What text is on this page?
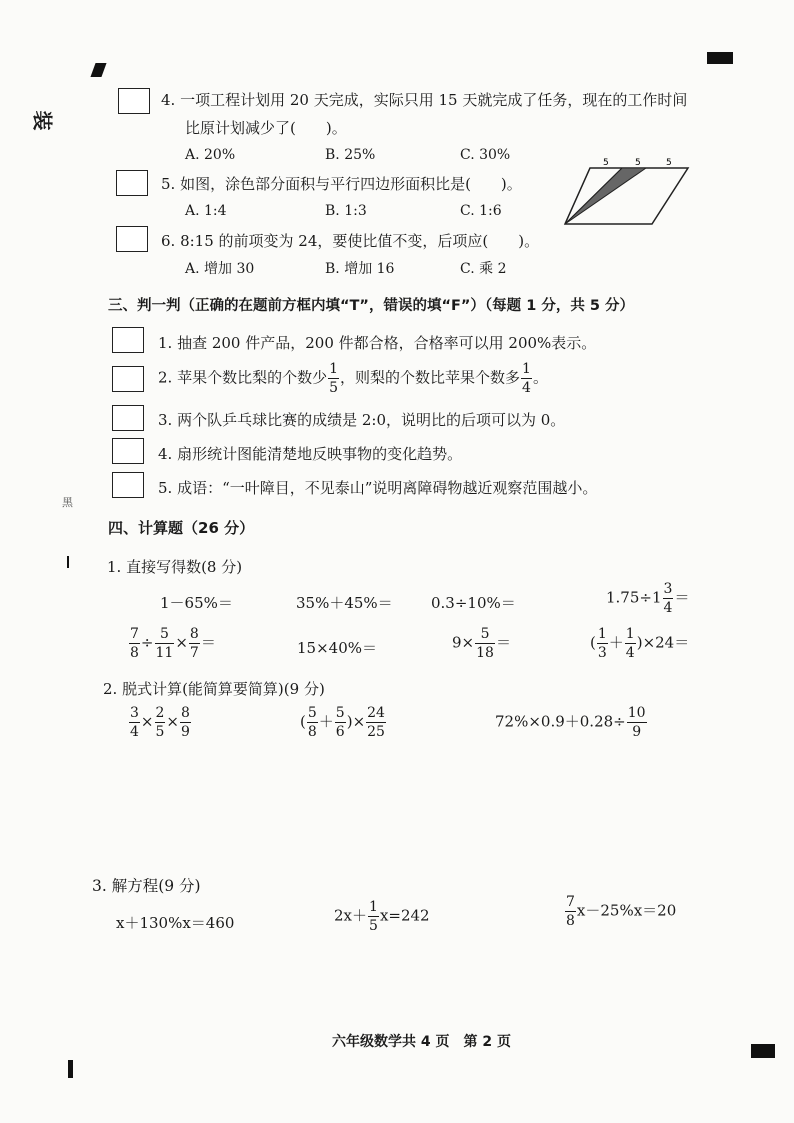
装
黑
4. 一项工程计划用 20 天完成，实际只用 15 天就完成了任务，现在的工作时间
比原计划减少了(　　)。
A. 20%	B. 25%	C. 30%
5. 如图，涂色部分面积与平行四边形面积比是(　　)。
A. 1:4	B. 1:3	C. 1:6
5	5	5
6. 8:15 的前项变为 24，要使比值不变，后项应(　　)。
A. 增加 30	B. 增加 16	C. 乘 2
三、判一判（正确的在题前方框内填“T”，错误的填“F”）（每题 1 分，共 5 分）
1. 抽查 200 件产品，200 件都合格，合格率可以用 200%表示。
2. 苹果个数比梨的个数少 $\frac{1}{5}$ ，则梨的个数比苹果个数多 $\frac{1}{4}$ 。
3. 两个队乒乓球比赛的成绩是 2:0，说明比的后项可以为 0。
4. 扇形统计图能清楚地反映事物的变化趋势。
5. 成语：“一叶障目，不见泰山”说明离障碍物越近观察范围越小。
四、计算题（26 分）
1. 直接写得数(8 分)
1－65%＝	35%＋45%＝	0.3÷10%＝	$1.75\div 1 \frac{3}{4}$ ＝
$\frac{7}{8} \div \frac{5}{11} \times \frac{8}{7}$ ＝	15×40%＝	$9\times \frac{5}{18}$ ＝	( $\frac{1}{3} + \frac{1}{4} )\times 24=$
2. 脱式计算(能简算要简算)(9 分)
$\frac{3}{4} \times \frac{2}{5} \times \frac{8}{9}$	( $\frac{5}{8} + \frac{5}{6}$ )× $\frac{24}{25}$	$72\%\times 0.9+0.28\div \frac{10}{9}$
3. 解方程(9 分)
x＋130%x＝460	$2x+ \frac{1}{5} x=242$	$\frac{7}{8} x-25\%x=20$
六年级数学共 4 页　第 2 页
